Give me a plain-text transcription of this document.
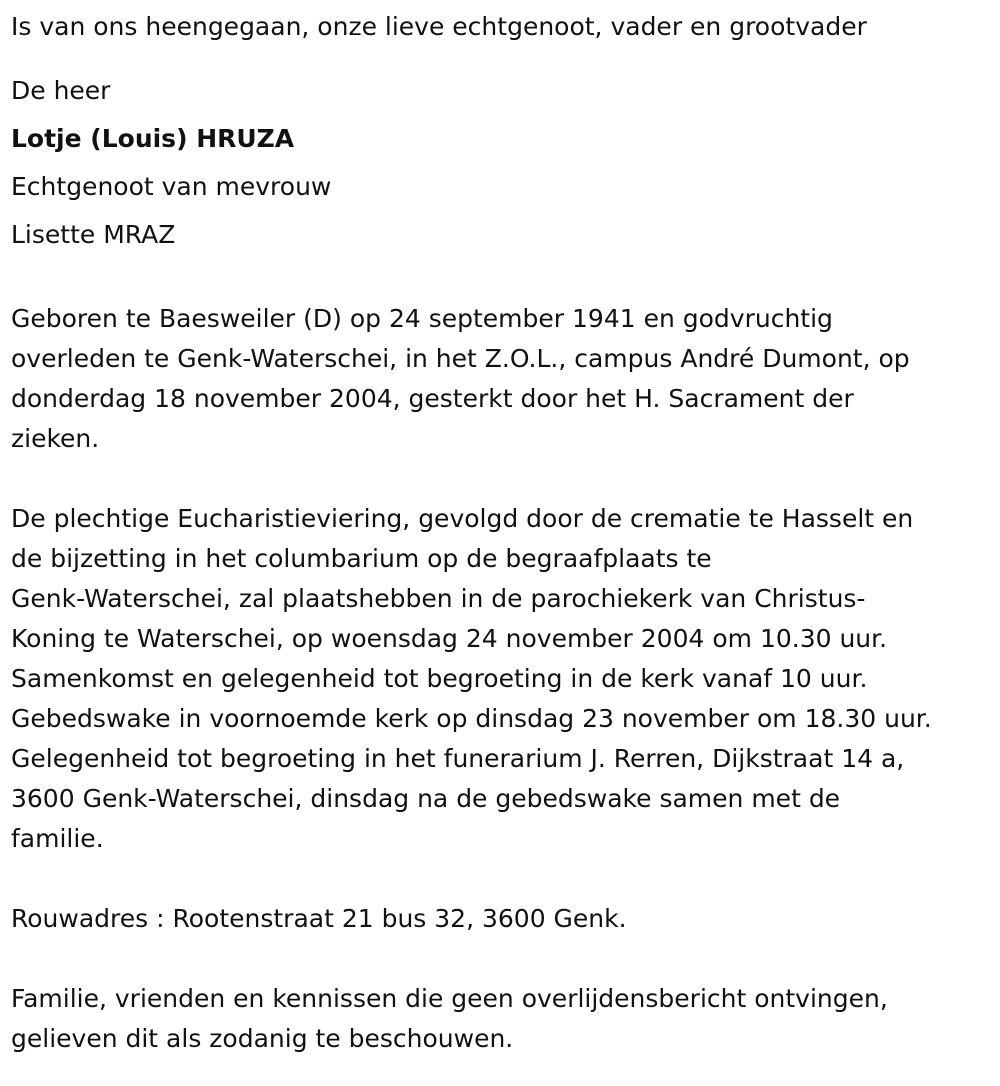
Is van ons heengegaan, onze lieve echtgenoot, vader en grootvader
De heer
Lotje (Louis) HRUZA
Echtgenoot van mevrouw
Lisette MRAZ
Geboren te Baesweiler (D) op 24 september 1941 en godvruchtig
overleden te Genk-Waterschei, in het Z.O.L., campus André Dumont, op
donderdag 18 november 2004, gesterkt door het H. Sacrament der
zieken.
De plechtige Eucharistieviering, gevolgd door de crematie te Hasselt en
de bijzetting in het columbarium op de begraafplaats te
Genk-Waterschei, zal plaatshebben in de parochiekerk van Christus-
Koning te Waterschei, op woensdag 24 november 2004 om 10.30 uur.
Samenkomst en gelegenheid tot begroeting in de kerk vanaf 10 uur.
Gebedswake in voornoemde kerk op dinsdag 23 november om 18.30 uur.
Gelegenheid tot begroeting in het funerarium J. Rerren, Dijkstraat 14 a,
3600 Genk-Waterschei, dinsdag na de gebedswake samen met de
familie.
Rouwadres : Rootenstraat 21 bus 32, 3600 Genk.
Familie, vrienden en kennissen die geen overlijdensbericht ontvingen,
gelieven dit als zodanig te beschouwen.
